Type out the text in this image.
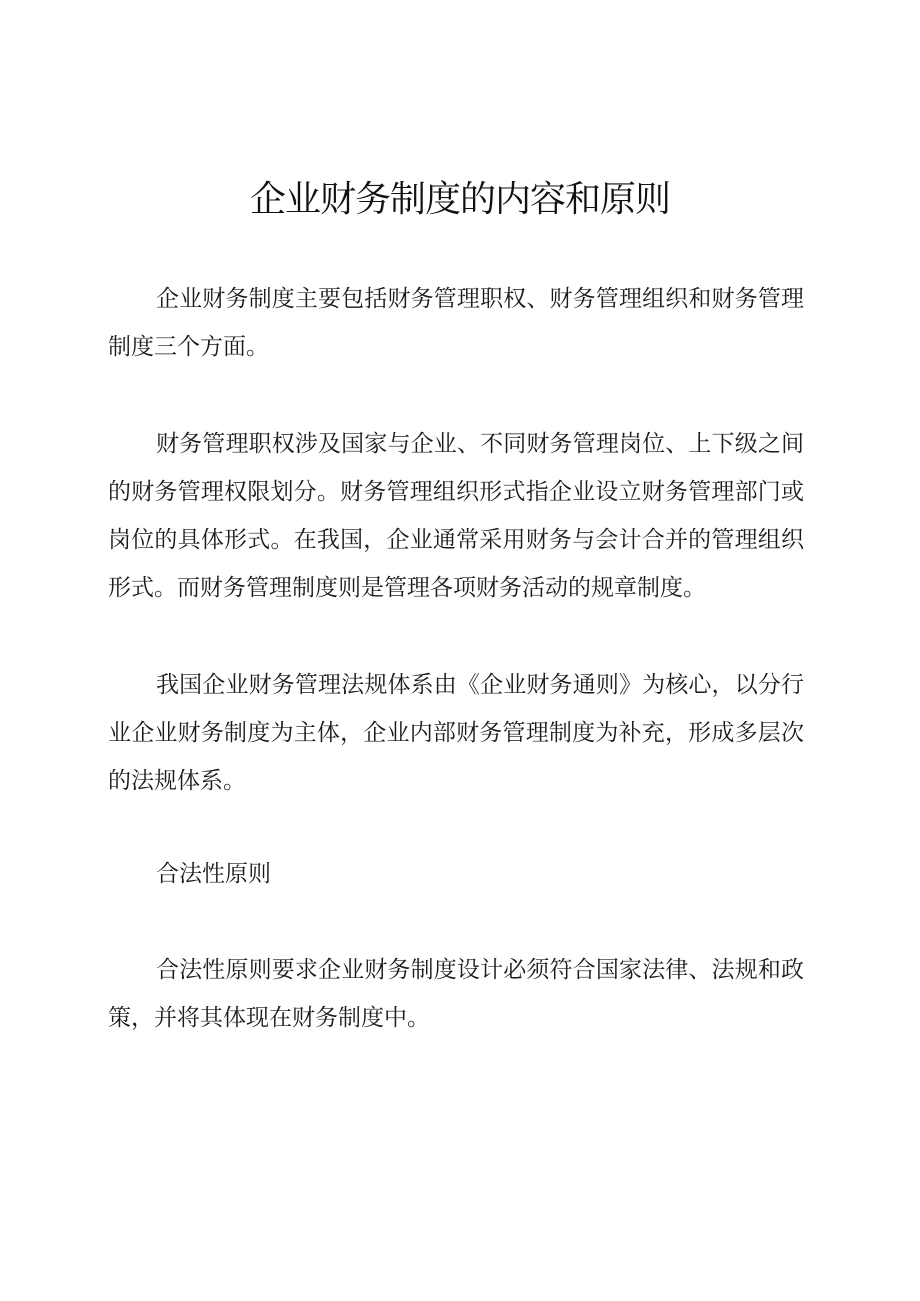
企业财务制度的内容和原则

企业财务制度主要包括财务管理职权、财务管理组织和财务管理制度三个方面。

财务管理职权涉及国家与企业、不同财务管理岗位、上下级之间的财务管理权限划分。财务管理组织形式指企业设立财务管理部门或岗位的具体形式。在我国，企业通常采用财务与会计合并的管理组织形式。而财务管理制度则是管理各项财务活动的规章制度。

我国企业财务管理法规体系由《企业财务通则》为核心，以分行业企业财务制度为主体，企业内部财务管理制度为补充，形成多层次的法规体系。

合法性原则

合法性原则要求企业财务制度设计必须符合国家法律、法规和政策，并将其体现在财务制度中。
